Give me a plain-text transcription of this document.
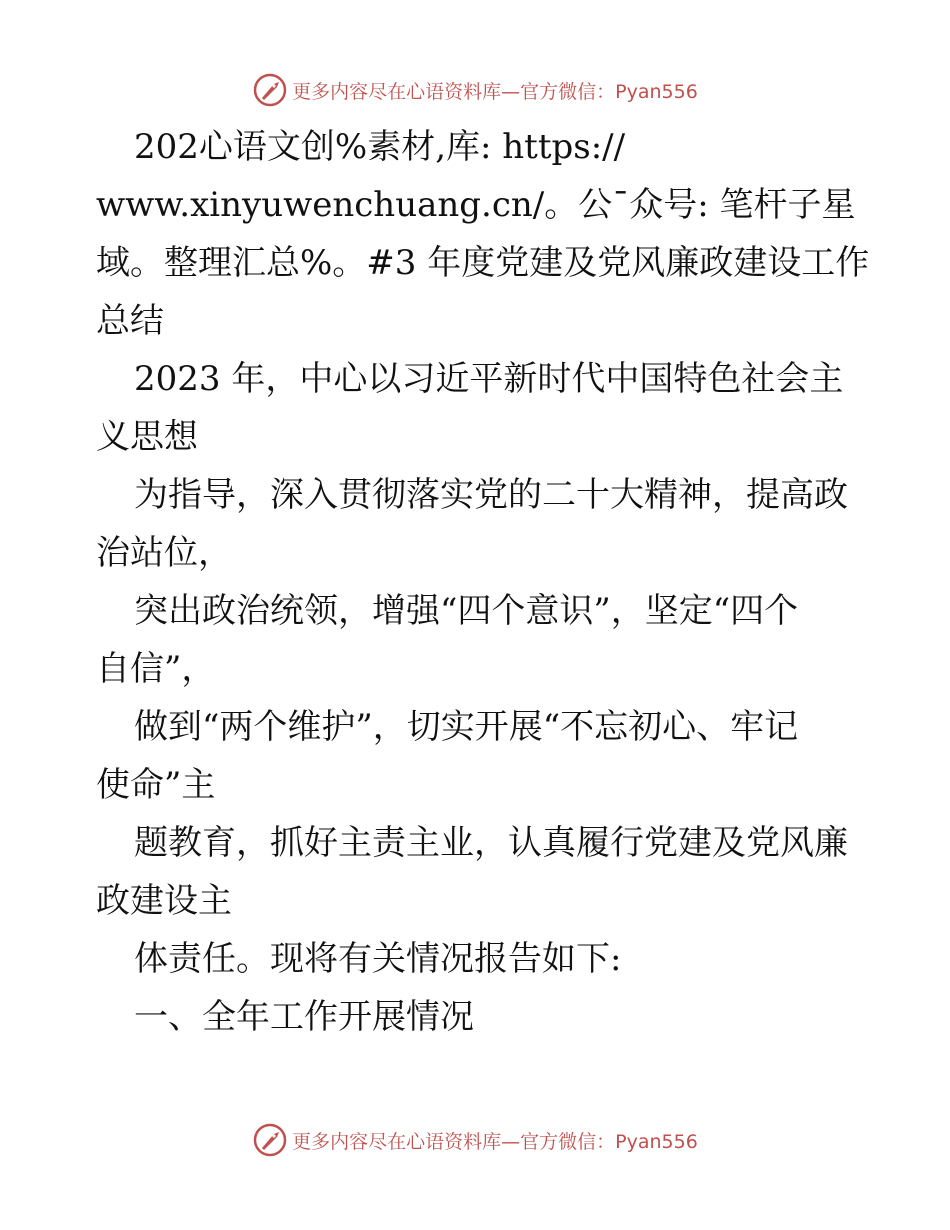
更多内容尽在心语资料库—官方微信：Pyan556
202心语文创%素材,库: https://
www.xinyuwenchuang.cn/。公¯众号: 笔杆子星
域。整理汇总%。#3 年度党建及党风廉政建设工作
总结
2023 年，中心以习近平新时代中国特色社会主
义思想
为指导，深入贯彻落实党的二十大精神，提高政
治站位，
突出政治统领，增强“四个意识”，坚定“四个
自信”，
做到“两个维护”，切实开展“不忘初心、牢记
使命”主
题教育，抓好主责主业，认真履行党建及党风廉
政建设主
体责任。现将有关情况报告如下:
一、全年工作开展情况
更多内容尽在心语资料库—官方微信：Pyan556
